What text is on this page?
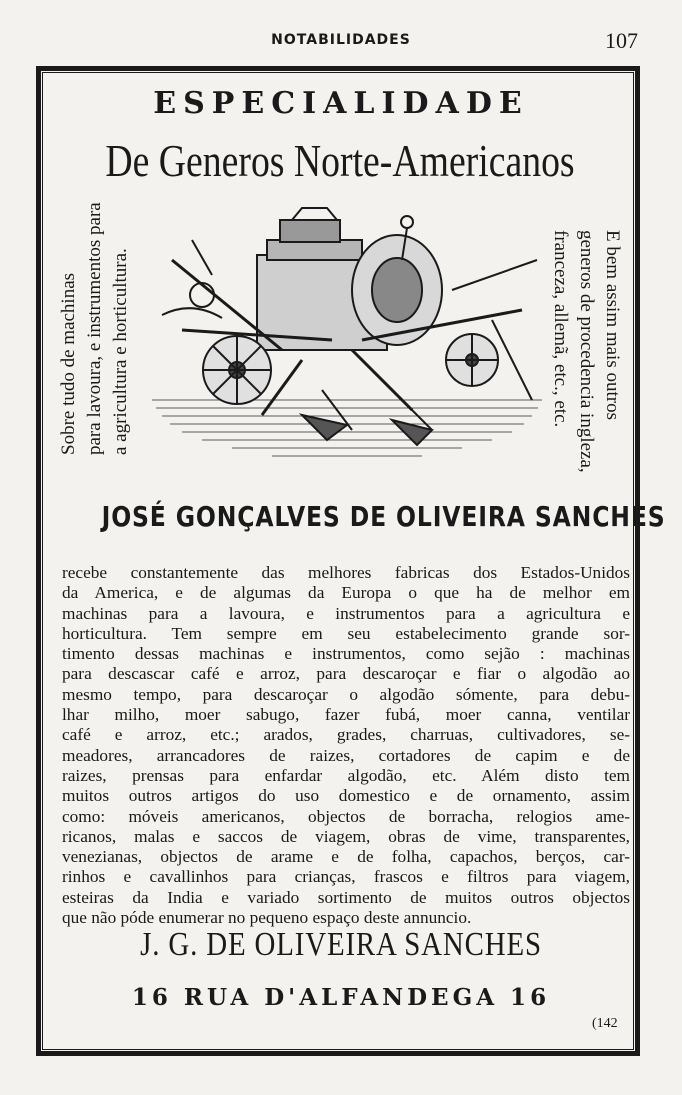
NOTABILIDADES	107
ESPECIALIDADE
De Generos Norte-Americanos
Sobre tudo de machinas para lavoura, e instrumentos para a agricultura e horticultura.	E bem assim mais outros
generos de procedencia ingleza,
franceza, allemã, etc., etc.
JOSÉ GONÇALVES DE OLIVEIRA SANCHES
recebe constantemente das melhores fabricas dos Estados-Unidos
da America, e de algumas da Europa o que ha de melhor em
machinas para a lavoura, e instrumentos para a agricultura e
horticultura. Tem sempre em seu estabelecimento grande sor-
timento dessas machinas e instrumentos, como sejão : machinas
para descascar café e arroz, para descaroçar e fiar o algodão ao
mesmo tempo, para descaroçar o algodão sómente, para debu-
lhar milho, moer sabugo, fazer fubá, moer canna, ventilar
café e arroz, etc.; arados, grades, charruas, cultivadores, se-
meadores, arrancadores de raizes, cortadores de capim e de
raizes, prensas para enfardar algodão, etc. Além disto tem
muitos outros artigos do uso domestico e de ornamento, assim
como: móveis americanos, objectos de borracha, relogios ame-
ricanos, malas e saccos de viagem, obras de vime, transparentes,
venezianas, objectos de arame e de folha, capachos, berços, car-
rinhos e cavallinhos para crianças, frascos e filtros para viagem,
esteiras da India e variado sortimento de muitos outros objectos
que não póde enumerar no pequeno espaço deste annuncio.
J. G. DE OLIVEIRA SANCHES
16 RUA D'ALFANDEGA 16
(142
